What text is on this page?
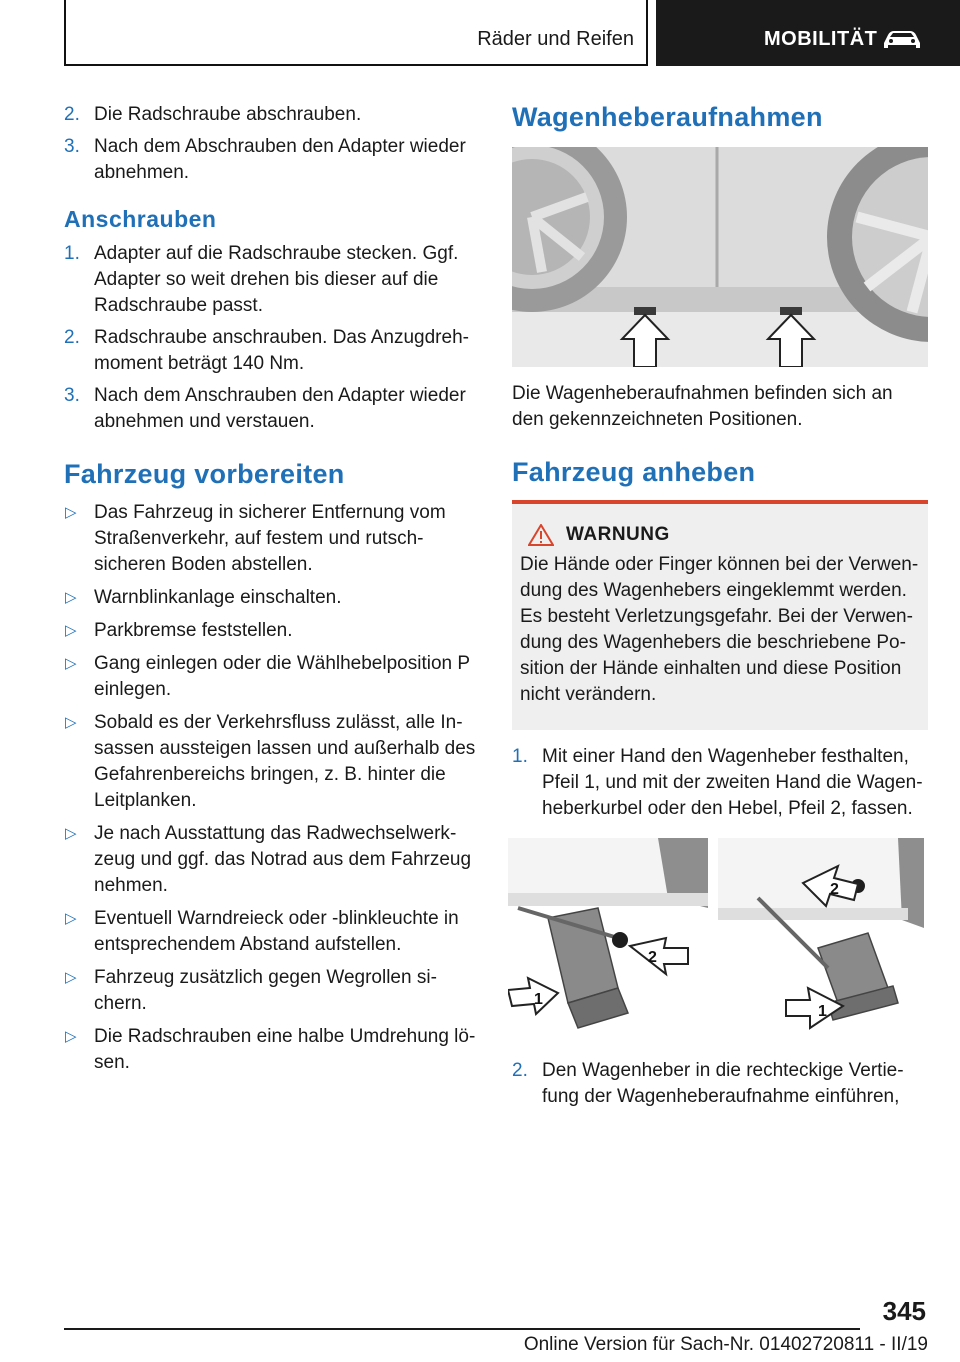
Räder und Reifen	MOBILITÄT
2. Die Radschraube abschrauben.
3. Nach dem Abschrauben den Adapter wieder abnehmen.
Anschrauben
1. Adapter auf die Radschraube stecken. Ggf. Adapter so weit drehen bis dieser auf die Radschraube passt.
2. Radschraube anschrauben. Das Anzugdrehmoment beträgt 140 Nm.
3. Nach dem Anschrauben den Adapter wieder abnehmen und verstauen.
Fahrzeug vorbereiten
▷ Das Fahrzeug in sicherer Entfernung vom Straßenverkehr, auf festem und rutschsicheren Boden abstellen.
▷ Warnblinkanlage einschalten.
▷ Parkbremse feststellen.
▷ Gang einlegen oder die Wählhebelposition P einlegen.
▷ Sobald es der Verkehrsfluss zulässt, alle Insassen aussteigen lassen und außerhalb des Gefahrenbereichs bringen, z. B. hinter die Leitplanken.
▷ Je nach Ausstattung das Radwechselwerkzeug und ggf. das Notrad aus dem Fahrzeug nehmen.
▷ Eventuell Warndreieck oder -blinkleuchte in entsprechendem Abstand aufstellen.
▷ Fahrzeug zusätzlich gegen Wegrollen sichern.
▷ Die Radschrauben eine halbe Umdrehung lösen.
Wagenheberaufnahmen

Die Wagenheberaufnahmen befinden sich an den gekennzeichneten Positionen.

Fahrzeug anheben
WARNUNG

Die Hände oder Finger können bei der Verwendung des Wagenhebers eingeklemmt werden. Es besteht Verletzungsgefahr. Bei der Verwendung des Wagenhebers die beschriebene Position der Hände einhalten und diese Position nicht verändern.

1. Mit einer Hand den Wagenheber festhalten, Pfeil 1, und mit der zweiten Hand die Wagenheberkurbel oder den Hebel, Pfeil 2, fassen.
1
2
2
1
2. Den Wagenheber in die rechteckige Vertiefung der Wagenheberaufnahme einführen,
345
Online Version für Sach-Nr. 01402720811 - II/19
